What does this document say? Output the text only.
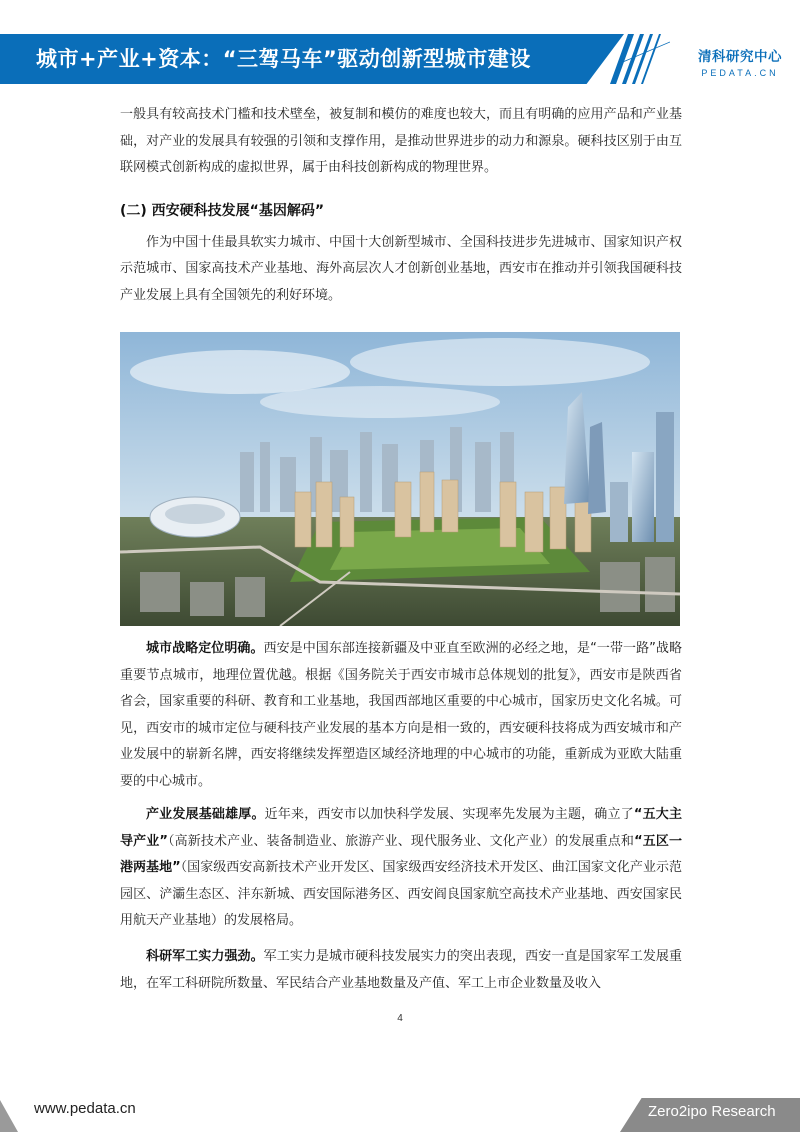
城市+产业+资本：“三驾马车”驱动创新型城市建设	清科研究中心
PEDATA.CN

一般具有较高技术门槛和技术壁垒，被复制和模仿的难度也较大，而且有明确的应用产品和产业基础，对产业的发展具有较强的引领和支撑作用，是推动世界进步的动力和源泉。硬科技区别于由互联网模式创新构成的虚拟世界，属于由科技创新构成的物理世界。

(二) 西安硬科技发展“基因解码”

作为中国十佳最具软实力城市、中国十大创新型城市、全国科技进步先进城市、国家知识产权示范城市、国家高技术产业基地、海外高层次人才创新创业基地，西安市在推动并引领我国硬科技产业发展上具有全国领先的利好环境。

城市战略定位明确。西安是中国东部连接新疆及中亚直至欧洲的必经之地，是“一带一路”战略重要节点城市，地理位置优越。根据《国务院关于西安市城市总体规划的批复》，西安市是陕西省省会，国家重要的科研、教育和工业基地，我国西部地区重要的中心城市，国家历史文化名城。可见，西安市的城市定位与硬科技产业发展的基本方向是相一致的，西安硬科技将成为西安城市和产业发展中的崭新名牌，西安将继续发挥塑造区域经济地理的中心城市的功能，重新成为亚欧大陆重要的中心城市。

产业发展基础雄厚。近年来，西安市以加快科学发展、实现率先发展为主题，确立了“五大主导产业”（高新技术产业、装备制造业、旅游产业、现代服务业、文化产业）的发展重点和“五区一港两基地”（国家级西安高新技术产业开发区、国家级西安经济技术开发区、曲江国家文化产业示范园区、浐灞生态区、沣东新城、西安国际港务区、西安阎良国家航空高技术产业基地、西安国家民用航天产业基地）的发展格局。

科研军工实力强劲。军工实力是城市硬科技发展实力的突出表现，西安一直是国家军工发展重地，在军工科研院所数量、军民结合产业基地数量及产值、军工上市企业数量及收入

4
www.pedata.cn	Zero2ipo Research
